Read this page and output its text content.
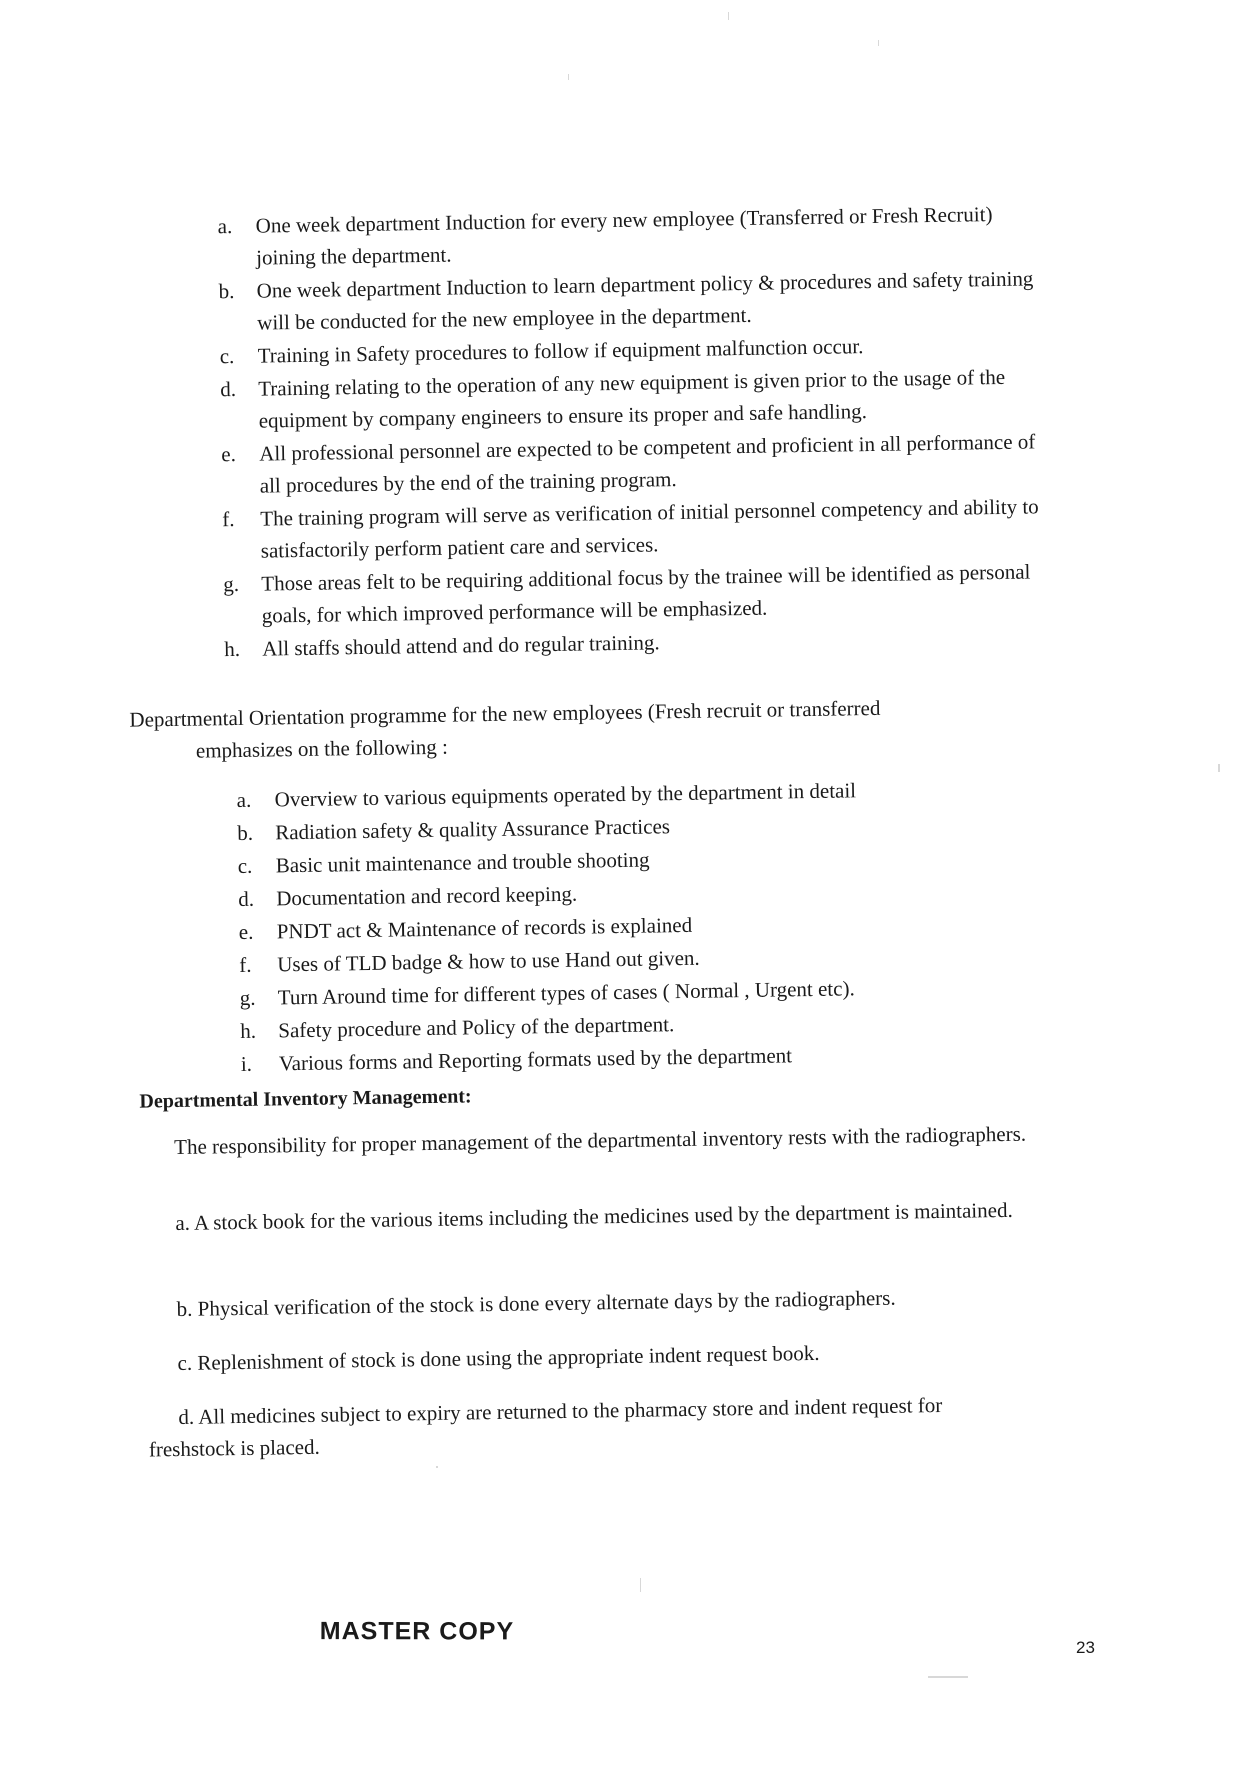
a. One week department Induction for every new employee (Transferred or Fresh Recruit) joining the department.
b. One week department Induction to learn department policy & procedures and safety training will be conducted for the new employee in the department.
c. Training in Safety procedures to follow if equipment malfunction occur.
d. Training relating to the operation of any new equipment is given prior to the usage of the equipment by company engineers to ensure its proper and safe handling.
e. All professional personnel are expected to be competent and proficient in all performance of all procedures by the end of the training program.
f. The training program will serve as verification of initial personnel competency and ability to satisfactorily perform patient care and services.
g. Those areas felt to be requiring additional focus by the trainee will be identified as personal goals, for which improved performance will be emphasized.
h. All staffs should attend and do regular training.

Departmental Orientation programme for the new employees (Fresh recruit or transferred
emphasizes on the following :

a. Overview to various equipments operated by the department in detail
b. Radiation safety & quality Assurance Practices
c. Basic unit maintenance and trouble shooting
d. Documentation and record keeping.
e. PNDT act & Maintenance of records is explained
f. Uses of TLD badge & how to use Hand out given.
g. Turn Around time for different types of cases ( Normal , Urgent etc).
h. Safety procedure and Policy of the department.
i. Various forms and Reporting formats used by the department
Departmental Inventory Management:

The responsibility for proper management of the departmental inventory rests with the radiographers.

a. A stock book for the various items including the medicines used by the department is maintained.

b. Physical verification of the stock is done every alternate days by the radiographers.

c. Replenishment of stock is done using the appropriate indent request book.

d. All medicines subject to expiry are returned to the pharmacy store and indent request for
freshstock is placed.

MASTER COPY
23
